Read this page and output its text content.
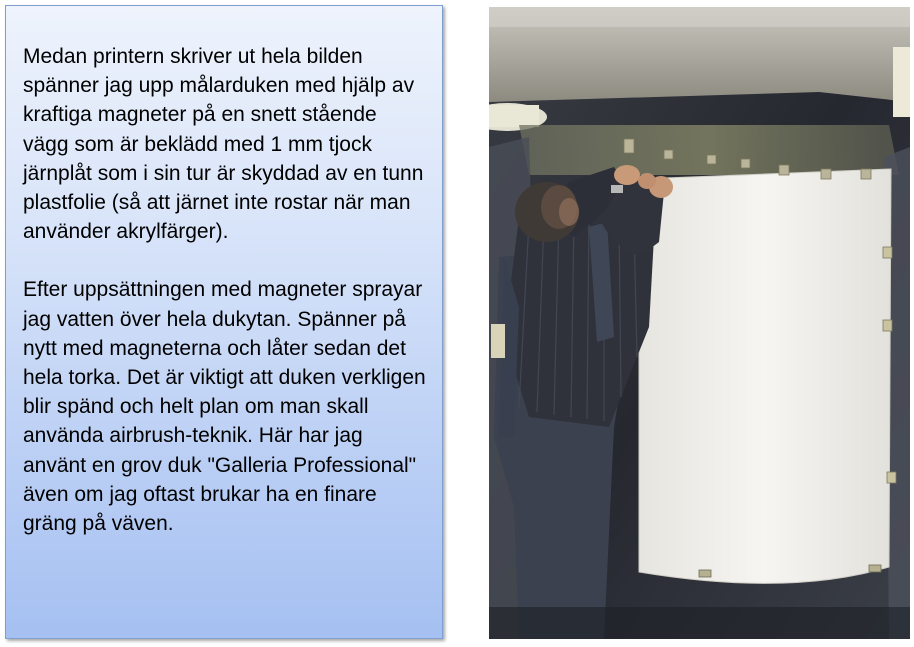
Medan printern skriver ut hela bilden spänner jag upp målarduken med hjälp av kraftiga magneter på en snett stående vägg som är beklädd med 1 mm tjock järnplåt som i sin tur är skyddad av en tunn plastfolie (så att järnet inte rostar när man använder akrylfärger).

Efter uppsättningen med magneter sprayar jag vatten över hela dukytan. Spänner på nytt med magneterna och låter sedan det hela torka. Det är viktigt att duken verkligen blir spänd och helt plan om man skall använda airbrush-teknik. Här har jag använt en grov duk "Galleria Professional" även om jag oftast brukar ha en finare gräng på väven.
